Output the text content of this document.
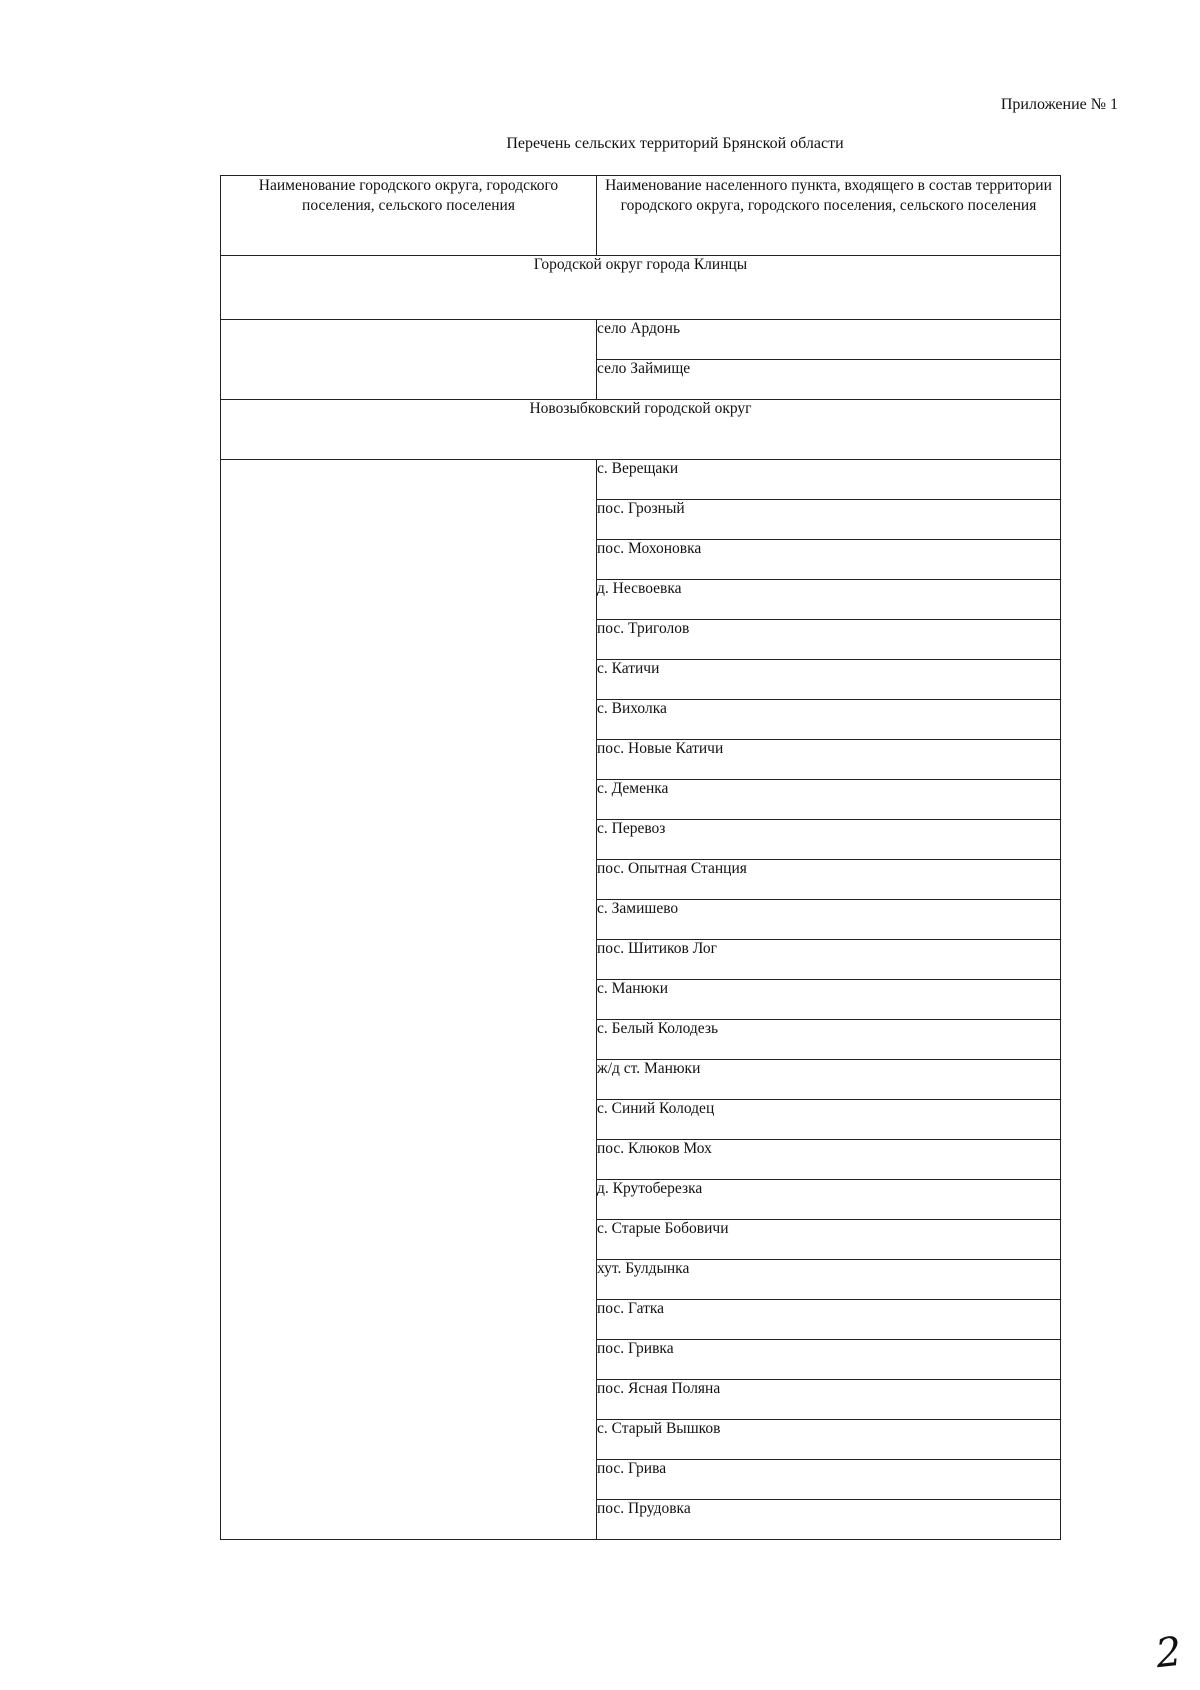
Приложение № 1
Перечень сельских территорий Брянской области
Наименование городского округа, городского поселения, сельского поселения	Наименование населенного пункта, входящего в состав территории городского округа, городского поселения, сельского поселения
Городской округ города Клинцы	
	село Ардонь
	село Займище
Новозыбковский городской округ	
	с. Верещаки
	пос. Грозный
	пос. Мохоновка
	д. Несвоевка
	пос. Триголов
	с. Катичи
	с. Вихолка
	пос. Новые Катичи
	с. Деменка
	с. Перевоз
	пос. Опытная Станция
	с. Замишево
	пос. Шитиков Лог
	с. Манюки
	с. Белый Колодезь
	ж/д ст. Манюки
	с. Синий Колодец
	пос. Клюков Мох
	д. Крутоберезка
	с. Старые Бобовичи
	хут. Булдынка
	пос. Гатка
	пос. Гривка
	пос. Ясная Поляна
	с. Старый Вышков
	пос. Грива
	пос. Прудовка
2
